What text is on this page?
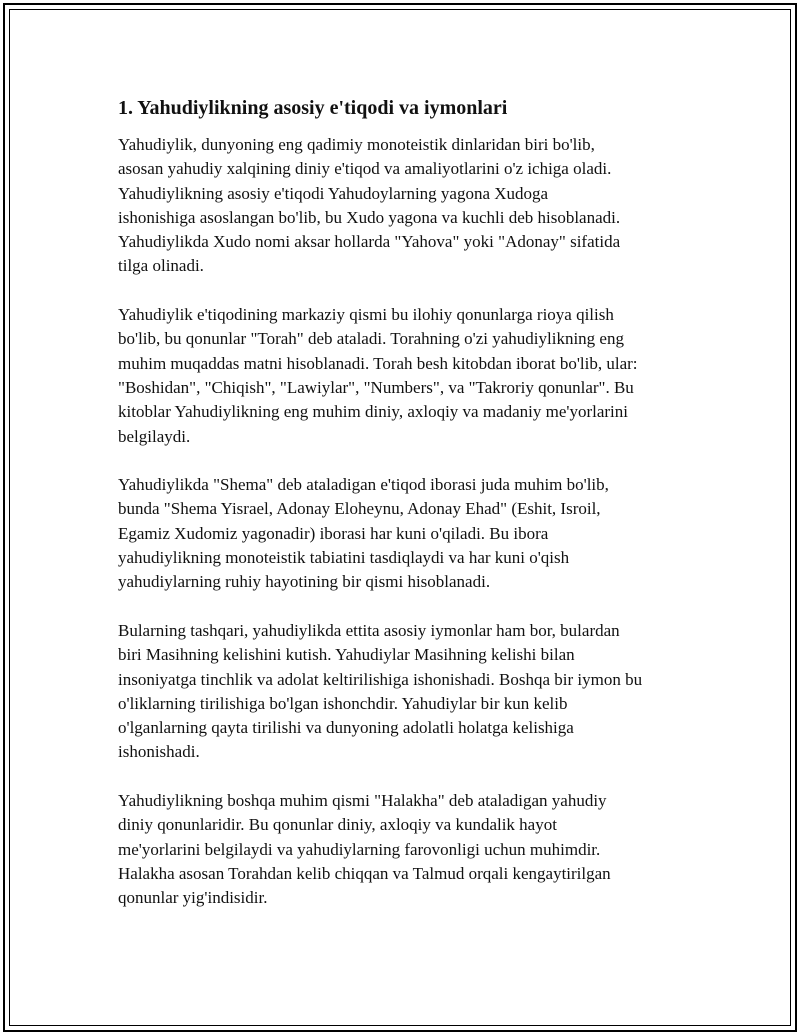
1. Yahudiylikning asosiy e'tiqodi va iymonlari

Yahudiylik, dunyoning eng qadimiy monoteistik dinlaridan biri bo'lib,
asosan yahudiy xalqining diniy e'tiqod va amaliyotlarini o'z ichiga oladi.
Yahudiylikning asosiy e'tiqodi Yahudoylarning yagona Xudoga
ishonishiga asoslangan bo'lib, bu Xudo yagona va kuchli deb hisoblanadi.
Yahudiylikda Xudo nomi aksar hollarda "Yahova" yoki "Adonay" sifatida
tilga olinadi.

Yahudiylik e'tiqodining markaziy qismi bu ilohiy qonunlarga rioya qilish
bo'lib, bu qonunlar "Torah" deb ataladi. Torahning o'zi yahudiylikning eng
muhim muqaddas matni hisoblanadi. Torah besh kitobdan iborat bo'lib, ular:
"Boshidan", "Chiqish", "Lawiylar", "Numbers", va "Takroriy qonunlar". Bu
kitoblar Yahudiylikning eng muhim diniy, axloqiy va madaniy me'yorlarini
belgilaydi.

Yahudiylikda "Shema" deb ataladigan e'tiqod iborasi juda muhim bo'lib,
bunda "Shema Yisrael, Adonay Eloheynu, Adonay Ehad" (Eshit, Isroil,
Egamiz Xudomiz yagonadir) iborasi har kuni o'qiladi. Bu ibora
yahudiylikning monoteistik tabiatini tasdiqlaydi va har kuni o'qish
yahudiylarning ruhiy hayotining bir qismi hisoblanadi.

Bularning tashqari, yahudiylikda ettita asosiy iymonlar ham bor, bulardan
biri Masihning kelishini kutish. Yahudiylar Masihning kelishi bilan
insoniyatga tinchlik va adolat keltirilishiga ishonishadi. Boshqa bir iymon bu
o'liklarning tirilishiga bo'lgan ishonchdir. Yahudiylar bir kun kelib
o'lganlarning qayta tirilishi va dunyoning adolatli holatga kelishiga
ishonishadi.

Yahudiylikning boshqa muhim qismi "Halakha" deb ataladigan yahudiy
diniy qonunlaridir. Bu qonunlar diniy, axloqiy va kundalik hayot
me'yorlarini belgilaydi va yahudiylarning farovonligi uchun muhimdir.
Halakha asosan Torahdan kelib chiqqan va Talmud orqali kengaytirilgan
qonunlar yig'indisidir.
